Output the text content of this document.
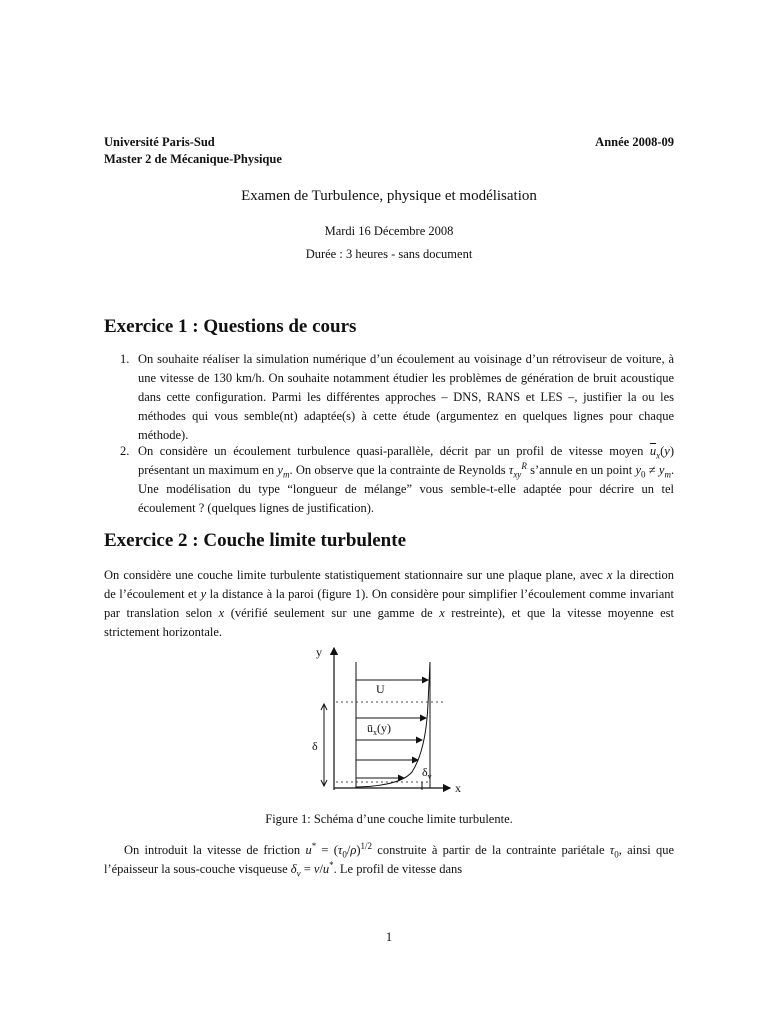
Université Paris-Sud
Master 2 de Mécanique-Physique
Année 2008-09
Examen de Turbulence, physique et modélisation
Mardi 16 Décembre 2008
Durée : 3 heures - sans document
Exercice 1 : Questions de cours
1. On souhaite réaliser la simulation numérique d’un écoulement au voisinage d’un rétroviseur de voiture, à une vitesse de 130 km/h. On souhaite notamment étudier les problèmes de génération de bruit acoustique dans cette configuration. Parmi les différentes approches – DNS, RANS et LES –, justifier la ou les méthodes qui vous semble(nt) adaptée(s) à cette étude (argumentez en quelques lignes pour chaque méthode).
2. On considère un écoulement turbulence quasi-parallèle, décrit par un profil de vitesse moyen $\overline{u}_x(y)$ présentant un maximum en $y_m$. On observe que la contrainte de Reynolds $\tau_{xy}^R$ s’annule en un point $y_0 \ne y_m$. Une modélisation du type “longueur de mélange” vous semble-t-elle adaptée pour décrire un tel écoulement ? (quelques lignes de justification).
Exercice 2 : Couche limite turbulente
On considère une couche limite turbulente statistiquement stationnaire sur une plaque plane, avec x la direction de l’écoulement et y la distance à la paroi (figure 1). On considère pour simplifier l’écoulement comme invariant par translation selon x (vérifié seulement sur une gamme de x restreinte), et que la vitesse moyenne est strictement horizontale.
y
x
δ
$\delta_v$
U
$ū_x(y)$
Figure 1: Schéma d’une couche limite turbulente.
On introduit la vitesse de friction $u^* = (\tau_0/\rho)^{1/2}$ construite à partir de la contrainte pariétale $\tau_0$, ainsi que l’épaisseur la sous-couche visqueuse $\delta_v = \nu/u^*$. Le profil de vitesse dans
1
